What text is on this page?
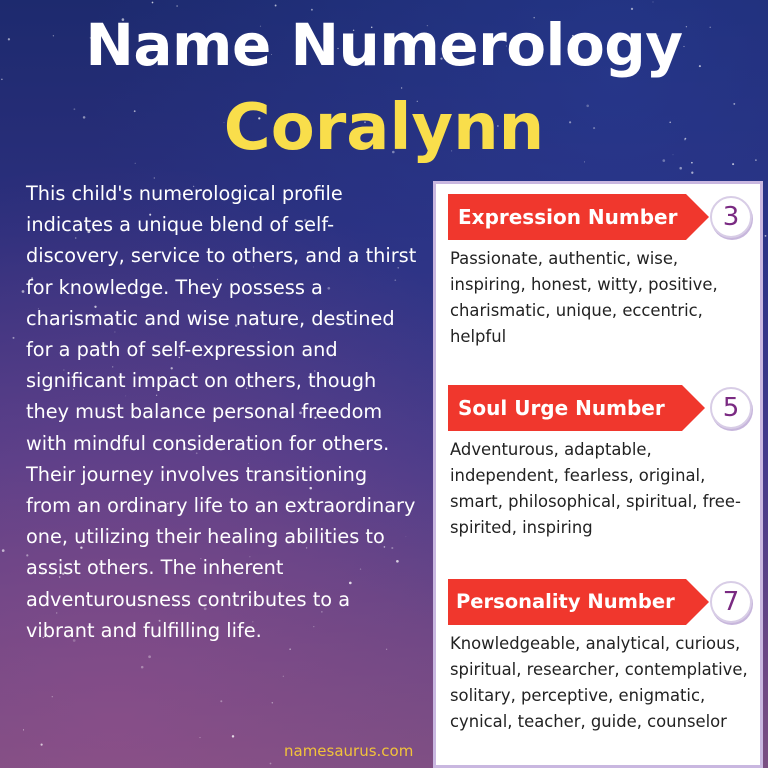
Name Numerology
Coralynn

This child's numerological profile indicates a unique blend of self-discovery, service to others, and a thirst for knowledge. They possess a charismatic and wise nature, destined for a path of self-expression and significant impact on others, though they must balance personal freedom with mindful consideration for others. Their journey involves transitioning from an ordinary life to an extraordinary one, utilizing their healing abilities to assist others. The inherent adventurousness contributes to a vibrant and fulfilling life.

namesaurus.com
Expression Number	3

Passionate, authentic, wise, inspiring, honest, witty, positive, charismatic, unique, eccentric, helpful

Soul Urge Number	5

Adventurous, adaptable, independent, fearless, original, smart, philosophical, spiritual, free-spirited, inspiring

Personality Number	7

Knowledgeable, analytical, curious, spiritual, researcher, contemplative, solitary, perceptive, enigmatic, cynical, teacher, guide, counselor
